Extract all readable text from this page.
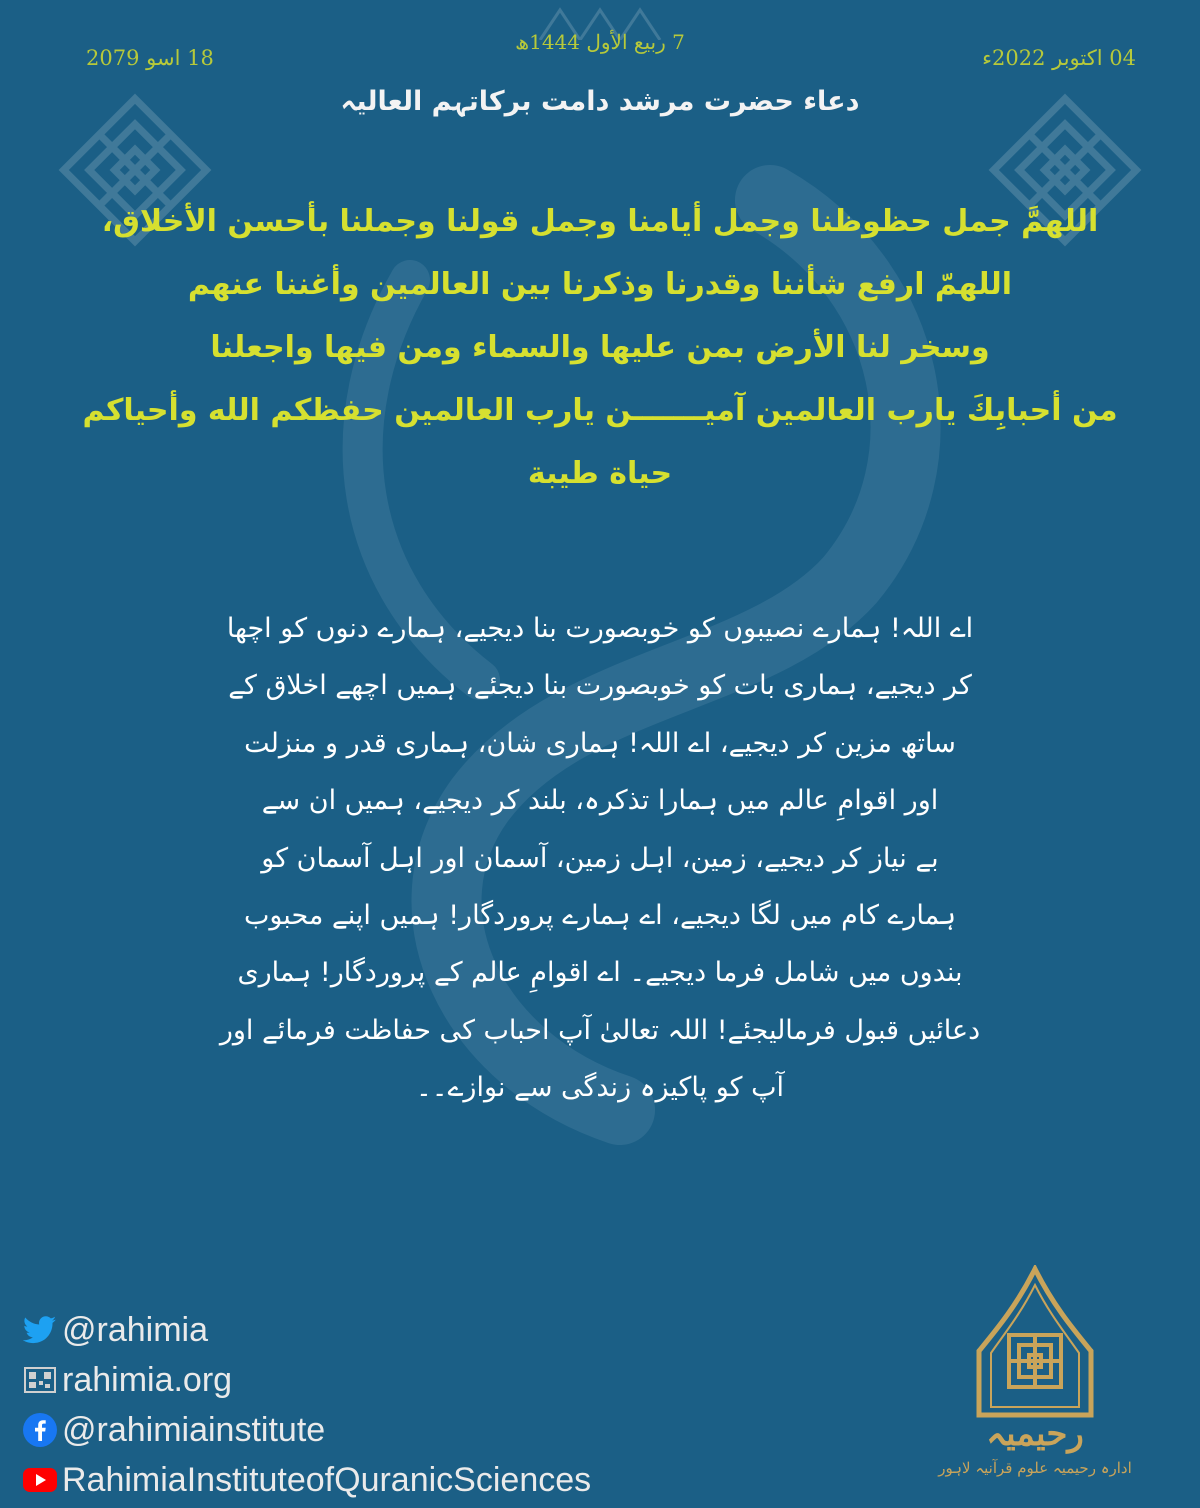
7 ربیع الأول 1444ھ
18 اسو 2079	04 اکتوبر 2022ء
دعاء حضرت مرشد دامت برکاتہم العالیہ
اللهمَّ جمل حظوظنا وجمل أيامنا وجمل قولنا وجملنا بأحسن الأخلاق،
اللهمّ ارفع شأننا وقدرنا وذكرنا بين العالمين وأغننا عنهم
وسخر لنا الأرض بمن عليها والسماء ومن فيها واجعلنا
من أحبابِكَ يارب العالمين آميـــــــن يارب العالمين حفظكم الله وأحياكم
حياة طيبة
اے اللہ! ہمارے نصیبوں کو خوبصورت بنا دیجیے، ہمارے دنوں کو اچھا
کر دیجیے، ہماری بات کو خوبصورت بنا دیجئے، ہمیں اچھے اخلاق کے
ساتھ مزین کر دیجیے، اے اللہ! ہماری شان، ہماری قدر و منزلت
اور اقوامِ عالم میں ہمارا تذکرہ، بلند کر دیجیے، ہمیں ان سے
بے نیاز کر دیجیے، زمین، اہل زمین، آسمان اور اہل آسمان کو
ہمارے کام میں لگا دیجیے، اے ہمارے پروردگار! ہمیں اپنے محبوب
بندوں میں شامل فرما دیجیے۔ اے اقوامِ عالم کے پروردگار! ہماری
دعائیں قبول فرمالیجئے! اللہ تعالیٰ آپ احباب کی حفاظت فرمائے اور
آپ کو پاکیزہ زندگی سے نوازے۔۔
@rahimia
rahimia.org
@rahimiainstitute
RahimiaInstituteofQuranicSciences
رحیمیہ
ادارہ رحیمیہ علوم قرآنیہ لاہور
